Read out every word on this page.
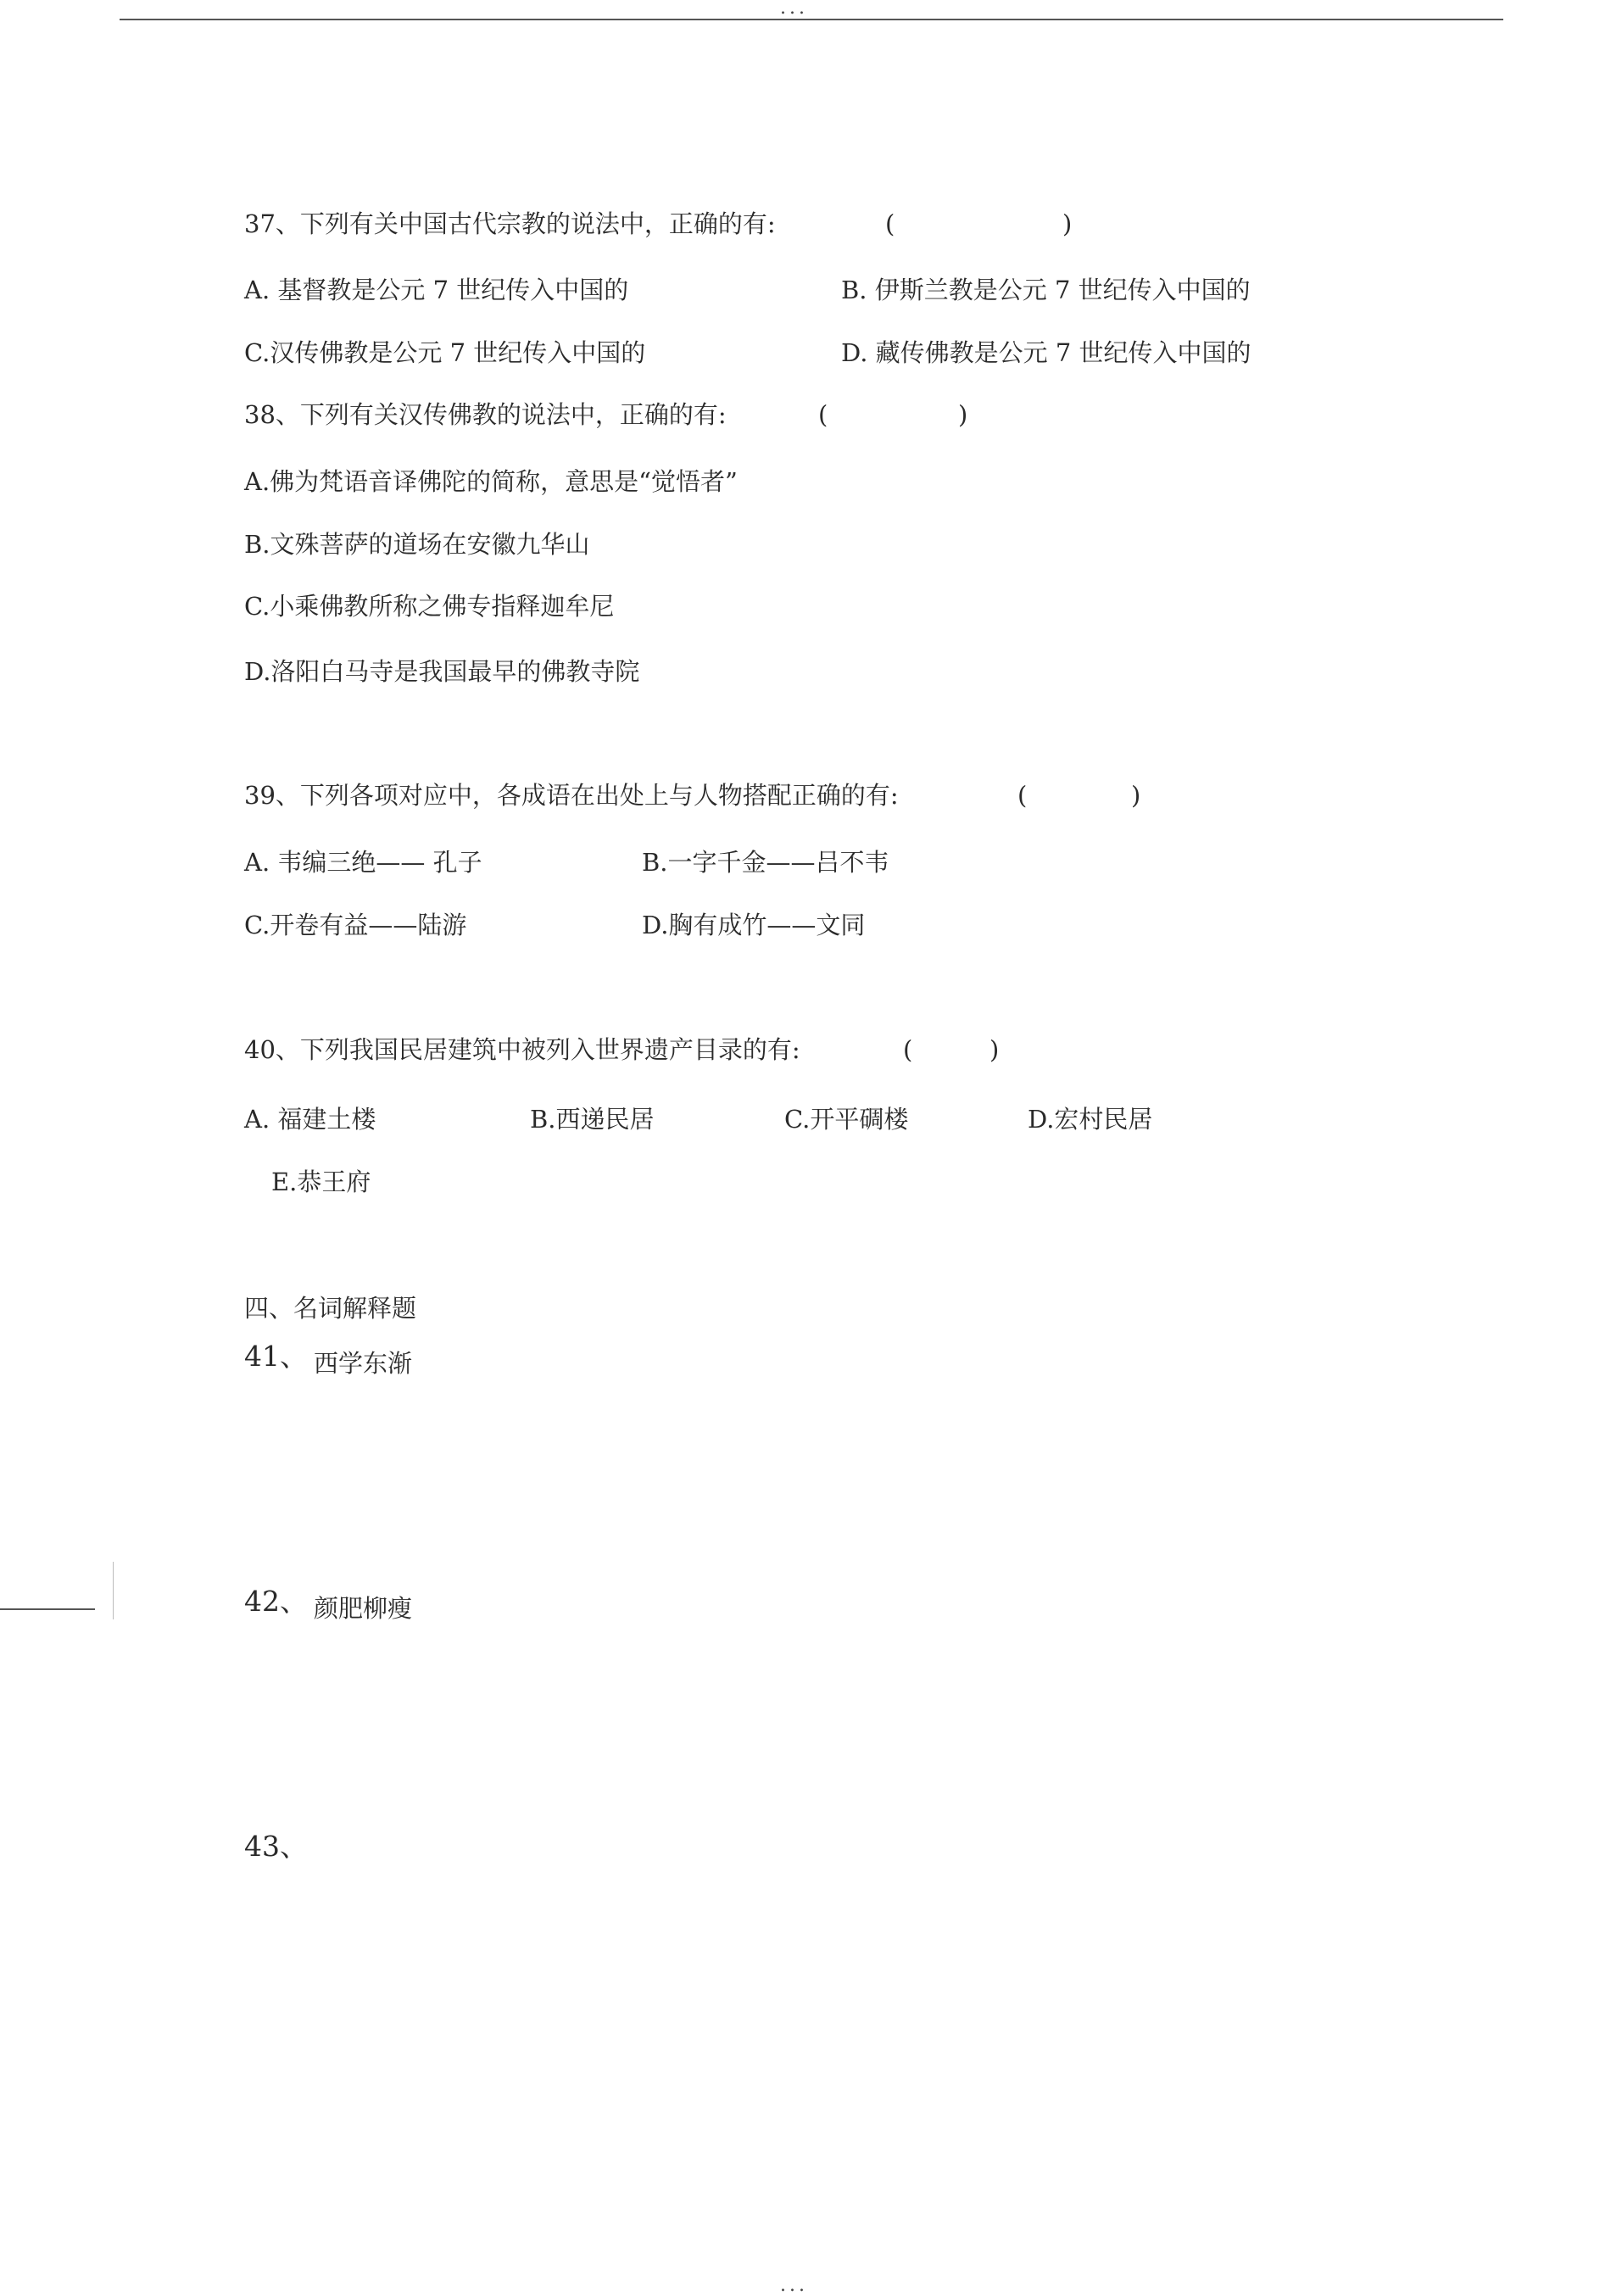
...
37、下列有关中国古代宗教的说法中，正确的有:	(	)
A. 基督教是公元 7 世纪传入中国的	B. 伊斯兰教是公元 7 世纪传入中国的
C.汉传佛教是公元 7 世纪传入中国的	D. 藏传佛教是公元 7 世纪传入中国的
38、下列有关汉传佛教的说法中，正确的有:	(	)
A.佛为梵语音译佛陀的简称，意思是“觉悟者”
B.文殊菩萨的道场在安徽九华山
C.小乘佛教所称之佛专指释迦牟尼
D.洛阳白马寺是我国最早的佛教寺院
39、下列各项对应中，各成语在出处上与人物搭配正确的有:	(	)
A. 韦编三绝—— 孔子	B.一字千金——吕不韦
C.开卷有益——陆游	D.胸有成竹——文同
40、下列我国民居建筑中被列入世界遗产目录的有:	(	)
A. 福建土楼	B.西递民居	C.开平碉楼	D.宏村民居
E.恭王府
四、名词解释题
41、 西学东渐
42、 颜肥柳瘦
43、
...
